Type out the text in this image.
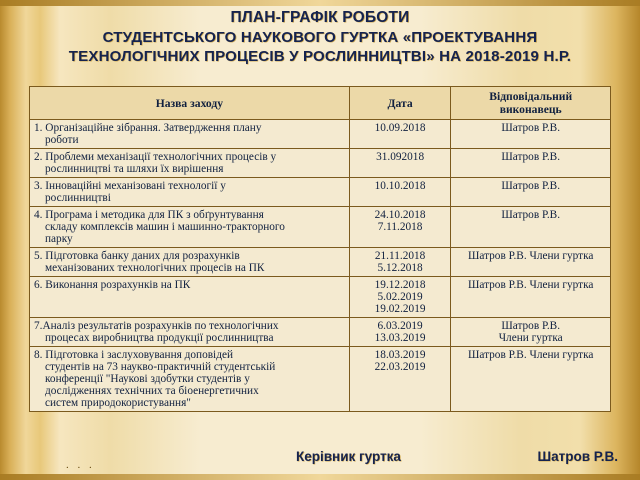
ПЛАН-ГРАФІК РОБОТИ
СТУДЕНТСЬКОГО НАУКОВОГО ГУРТКА «ПРОЕКТУВАННЯ
ТЕХНОЛОГІЧНИХ ПРОЦЕСІВ У РОСЛИННИЦТВІ» НА 2018-2019 Н.Р.
Назва заходу	Дата	Відповідальний
виконавець

1. Організаційне зібрання. Затвердження плану
роботи	10.09.2018	Шатров Р.В.

2. Проблеми механізації технологічних процесів у
рослинництві та шляхи їх вирішення	31.092018	Шатров Р.В.

3. Інноваційні механізовані технології у
рослинництві	10.10.2018	Шатров Р.В.

4. Програма і методика для ПК з обґрунтування
складу комплексів машин і машинно-тракторного
парку	24.10.2018
7.11.2018	Шатров Р.В.

5. Підготовка банку даних для розрахунків
механізованих технологічних процесів на ПК	21.11.2018
5.12.2018	Шатров Р.В. Члени гуртка

6. Виконання розрахунків на ПК	19.12.2018
5.02.2019
19.02.2019	Шатров Р.В. Члени гуртка

7.Аналіз результатів розрахунків по технологічних
процесах виробництва продукції рослинництва	6.03.2019
13.03.2019	Шатров Р.В.
Члени гуртка

8. Підготовка і заслуховування доповідей
студентів на 73 наукво-практичній студентській
конференції "Наукові здобутки студентів у
дослідженнях технічних та біоенергетичних
систем природокористування"	18.03.2019
22.03.2019	Шатров Р.В. Члени гуртка
. . .
Керівник гуртка	Шатров Р.В.
